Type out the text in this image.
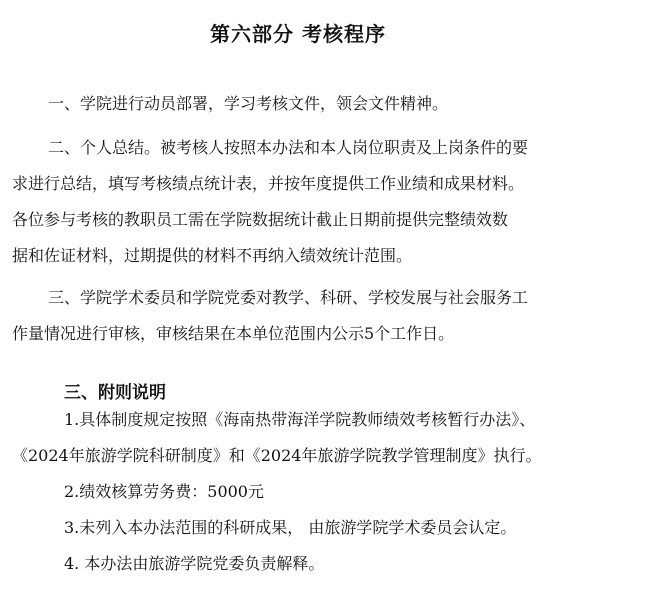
第六部分 考核程序
一、学院进行动员部署，学习考核文件，领会文件精神。
二、个人总结。被考核人按照本办法和本人岗位职责及上岗条件的要
求进行总结，填写考核绩点统计表，并按年度提供工作业绩和成果材料。
各位参与考核的教职员工需在学院数据统计截止日期前提供完整绩效数
据和佐证材料，过期提供的材料不再纳入绩效统计范围。
三、学院学术委员和学院党委对教学、科研、学校发展与社会服务工
作量情况进行审核，审核结果在本单位范围内公示5个工作日。
三、附则说明
1.具体制度规定按照《海南热带海洋学院教师绩效考核暂行办法》、
《2024年旅游学院科研制度》和《2024年旅游学院教学管理制度》执行。
2.绩效核算劳务费：5000元
3.未列入本办法范围的科研成果， 由旅游学院学术委员会认定。
4. 本办法由旅游学院党委负责解释。
